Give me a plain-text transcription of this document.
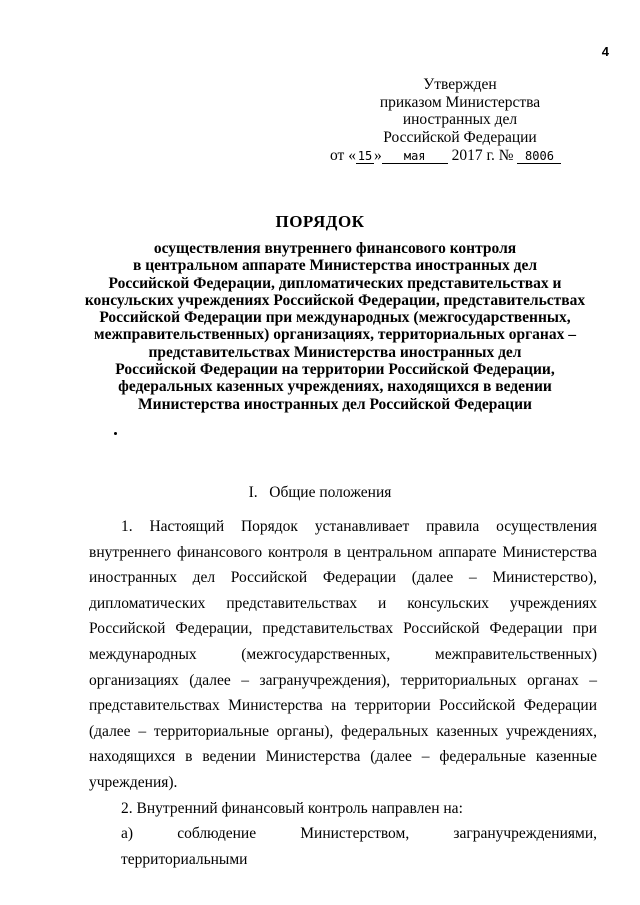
4
Утвержден
приказом Министерства
иностранных дел
Российской Федерации
от « 15 » мая 2017 г. № 8006
ПОРЯДОК
осуществления внутреннего финансового контроля
в центральном аппарате Министерства иностранных дел
Российской Федерации, дипломатических представительствах и
консульских учреждениях Российской Федерации, представительствах
Российской Федерации при международных (межгосударственных,
межправительственных) организациях, территориальных органах –
представительствах Министерства иностранных дел
Российской Федерации на территории Российской Федерации,
федеральных казенных учреждениях, находящихся в ведении
Министерства иностранных дел Российской Федерации
I.   Общие положения

1. Настоящий Порядок устанавливает правила осуществления

внутреннего финансового контроля в центральном аппарате Министерства

иностранных дел Российской Федерации (далее – Министерство),

дипломатических представительствах и консульских учреждениях

Российской Федерации, представительствах Российской Федерации при

международных (межгосударственных, межправительственных)

организациях (далее – загранучреждения), территориальных органах –

представительствах Министерства на территории Российской Федерации

(далее – территориальные органы), федеральных казенных учреждениях,

находящихся в ведении Министерства (далее – федеральные казенные

учреждения).

2. Внутренний финансовый контроль направлен на:

а) соблюдение Министерством, загранучреждениями, территориальными
